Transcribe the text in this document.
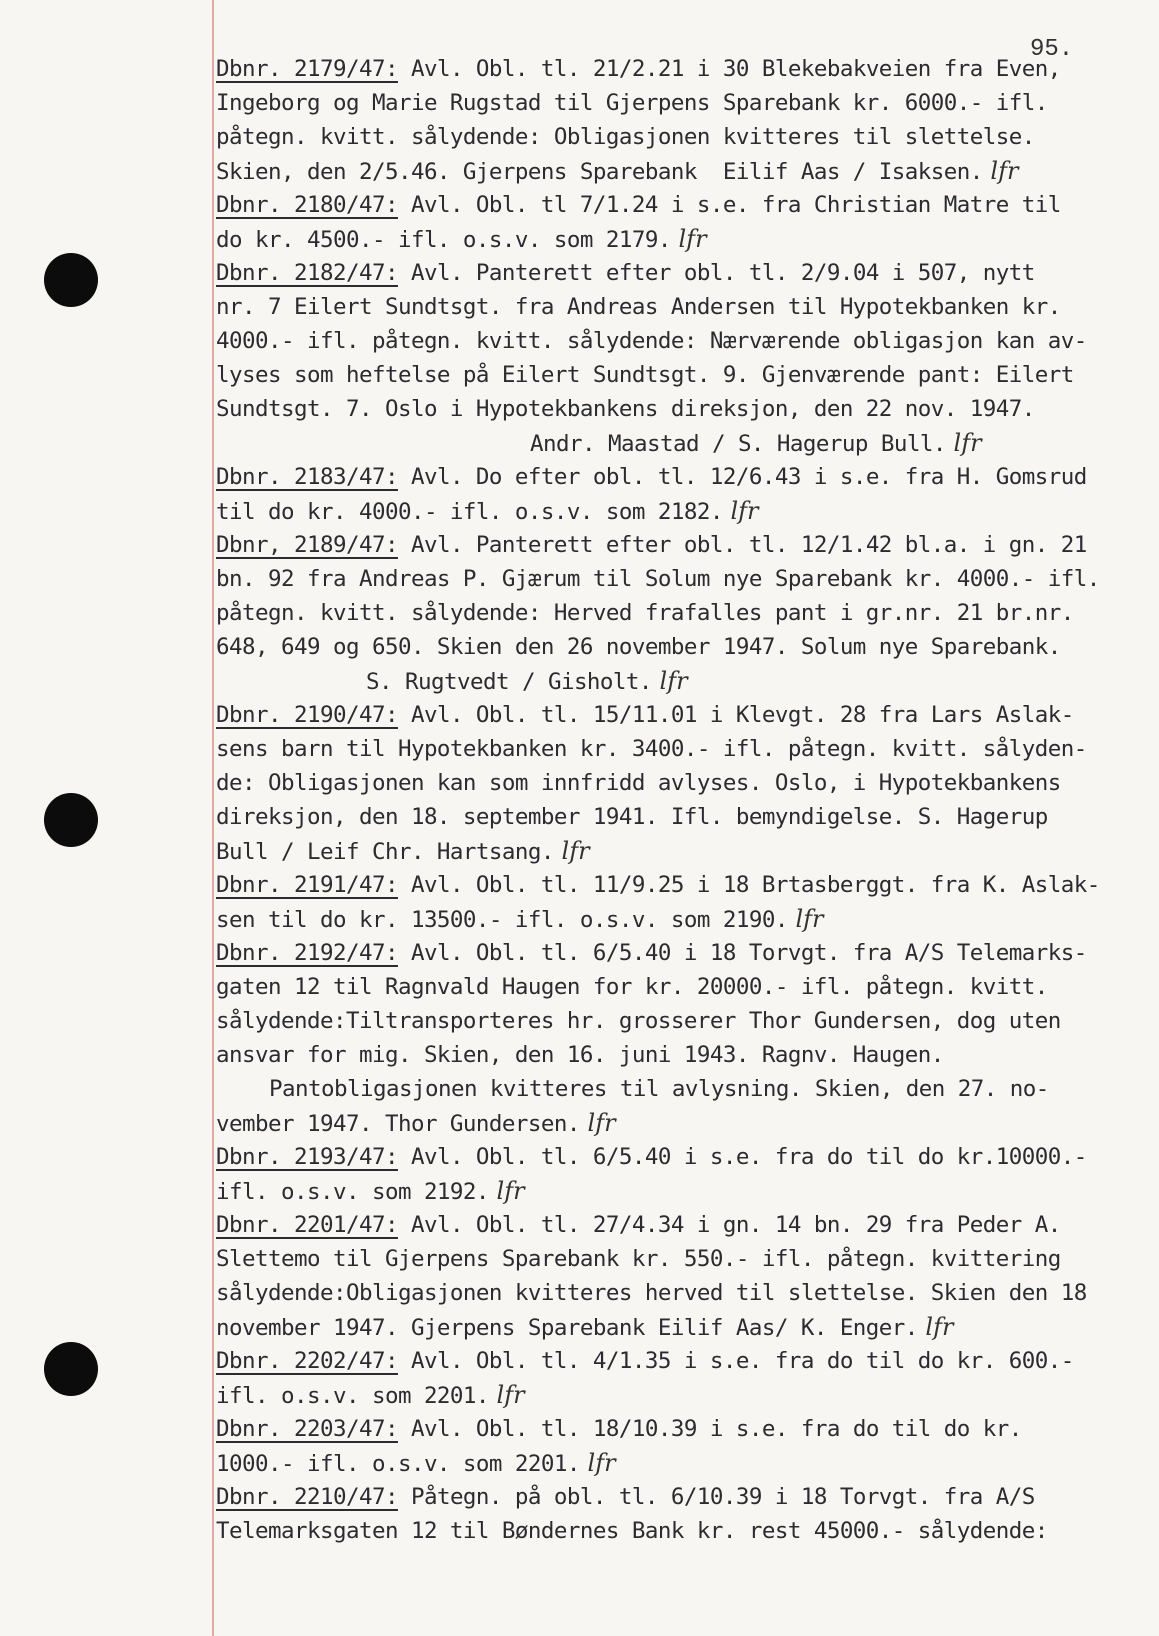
95.
Dbnr. 2179/47: Avl. Obl. tl. 21/2.21 i 30 Blekebakveien fra Even,
Ingeborg og Marie Rugstad til Gjerpens Sparebank kr. 6000.- ifl.
påtegn. kvitt. sålydende: Obligasjonen kvitteres til slettelse.
Skien, den 2/5.46. Gjerpens Sparebank  Eilif Aas / Isaksen. lfr
Dbnr. 2180/47: Avl. Obl. tl 7/1.24 i s.e. fra Christian Matre til
do kr. 4500.- ifl. o.s.v. som 2179. lfr
Dbnr. 2182/47: Avl. Panterett efter obl. tl. 2/9.04 i 507, nytt
nr. 7 Eilert Sundtsgt. fra Andreas Andersen til Hypotekbanken kr.
4000.- ifl. påtegn. kvitt. sålydende: Nærværende obligasjon kan av-
lyses som heftelse på Eilert Sundtsgt. 9. Gjenværende pant: Eilert
Sundtsgt. 7. Oslo i Hypotekbankens direksjon, den 22 nov. 1947.
Andr. Maastad / S. Hagerup Bull. lfr
Dbnr. 2183/47: Avl. Do efter obl. tl. 12/6.43 i s.e. fra H. Gomsrud
til do kr. 4000.- ifl. o.s.v. som 2182. lfr
Dbnr, 2189/47: Avl. Panterett efter obl. tl. 12/1.42 bl.a. i gn. 21
bn. 92 fra Andreas P. Gjærum til Solum nye Sparebank kr. 4000.- ifl.
påtegn. kvitt. sålydende: Herved frafalles pant i gr.nr. 21 br.nr.
648, 649 og 650. Skien den 26 november 1947. Solum nye Sparebank.
S. Rugtvedt / Gisholt. lfr
Dbnr. 2190/47: Avl. Obl. tl. 15/11.01 i Klevgt. 28 fra Lars Aslak-
sens barn til Hypotekbanken kr. 3400.- ifl. påtegn. kvitt. sålyden-
de: Obligasjonen kan som innfridd avlyses. Oslo, i Hypotekbankens
direksjon, den 18. september 1941. Ifl. bemyndigelse. S. Hagerup
Bull / Leif Chr. Hartsang. lfr
Dbnr. 2191/47: Avl. Obl. tl. 11/9.25 i 18 Brtasberggt. fra K. Aslak-
sen til do kr. 13500.- ifl. o.s.v. som 2190. lfr
Dbnr. 2192/47: Avl. Obl. tl. 6/5.40 i 18 Torvgt. fra A/S Telemarks-
gaten 12 til Ragnvald Haugen for kr. 20000.- ifl. påtegn. kvitt.
sålydende:Tiltransporteres hr. grosserer Thor Gundersen, dog uten
ansvar for mig. Skien, den 16. juni 1943. Ragnv. Haugen.
Pantobligasjonen kvitteres til avlysning. Skien, den 27. no-
vember 1947. Thor Gundersen. lfr
Dbnr. 2193/47: Avl. Obl. tl. 6/5.40 i s.e. fra do til do kr.10000.-
ifl. o.s.v. som 2192. lfr
Dbnr. 2201/47: Avl. Obl. tl. 27/4.34 i gn. 14 bn. 29 fra Peder A.
Slettemo til Gjerpens Sparebank kr. 550.- ifl. påtegn. kvittering
sålydende:Obligasjonen kvitteres herved til slettelse. Skien den 18
november 1947. Gjerpens Sparebank Eilif Aas/ K. Enger. lfr
Dbnr. 2202/47: Avl. Obl. tl. 4/1.35 i s.e. fra do til do kr. 600.-
ifl. o.s.v. som 2201. lfr
Dbnr. 2203/47: Avl. Obl. tl. 18/10.39 i s.e. fra do til do kr.
1000.- ifl. o.s.v. som 2201. lfr
Dbnr. 2210/47: Påtegn. på obl. tl. 6/10.39 i 18 Torvgt. fra A/S
Telemarksgaten 12 til Bøndernes Bank kr. rest 45000.- sålydende:
